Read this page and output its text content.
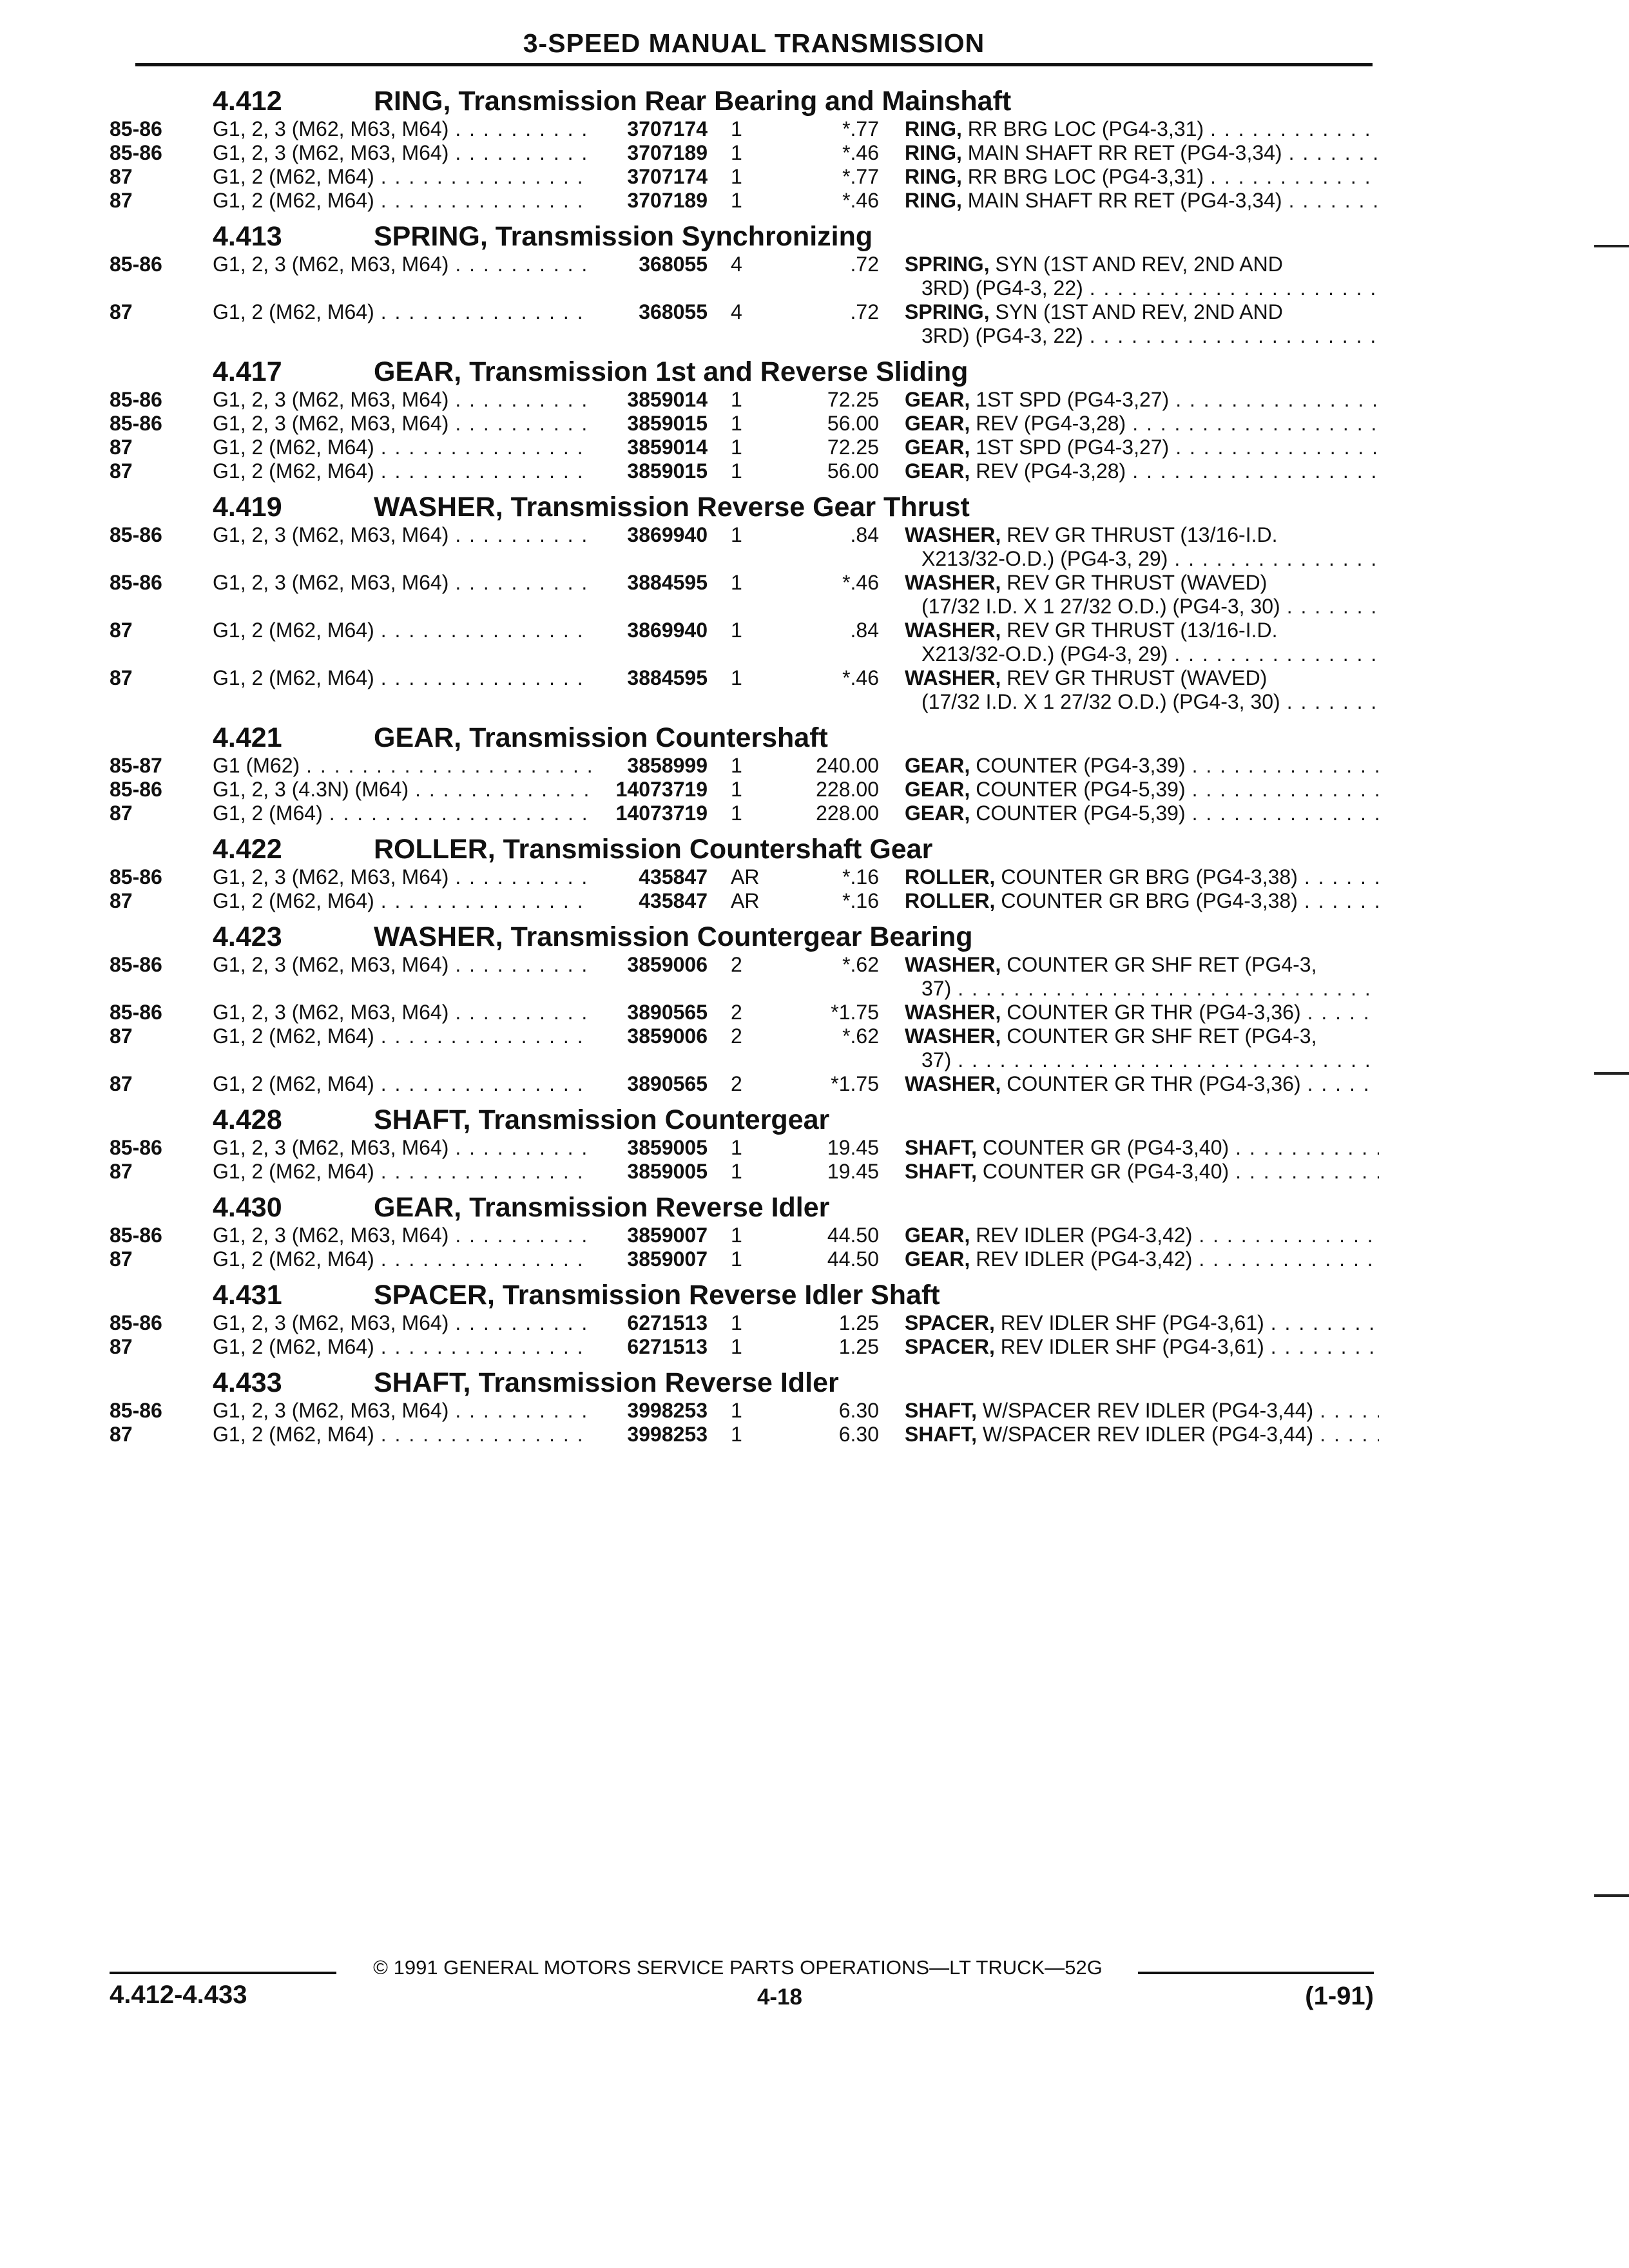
3-SPEED MANUAL TRANSMISSION
4.412	RING, Transmission Rear Bearing and Mainshaft
85-86	G1, 2, 3 (M62, M63, M64) . . .	3707174	1	*.77 RING, RR BRG LOC (PG4-3,31)
. . .
85-86	G1, 2, 3 (M62, M63, M64) . . .	3707189	1	*.46 RING, MAIN SHAFT RR RET (PG4-3,34)
. . .
87	G1, 2 (M62, M64) . . .	3707174	1	*.77 RING, RR BRG LOC (PG4-3,31)
. . .
87	G1, 2 (M62, M64) . . .	3707189	1	*.46 RING, MAIN SHAFT RR RET (PG4-3,34)
. . .
4.413	SPRING, Transmission Synchronizing
85-86	G1, 2, 3 (M62, M63, M64) . . .	368055	4	.72 SPRING, SYN (1ST AND REV, 2ND AND
3RD) (PG4-3, 22)
. . .
87	G1, 2 (M62, M64) . . .	368055	4	.72 SPRING, SYN (1ST AND REV, 2ND AND
3RD) (PG4-3, 22)
. . .
4.417	GEAR, Transmission 1st and Reverse Sliding
85-86	G1, 2, 3 (M62, M63, M64) . . .	3859014	1	72.25 GEAR, 1ST SPD (PG4-3,27)
. . .
85-86	G1, 2, 3 (M62, M63, M64) . . .	3859015	1	56.00 GEAR, REV (PG4-3,28)
. . .
87	G1, 2 (M62, M64) . . .	3859014	1	72.25 GEAR, 1ST SPD (PG4-3,27)
. . .
87	G1, 2 (M62, M64) . . .	3859015	1	56.00 GEAR, REV (PG4-3,28)
. . .
4.419	WASHER, Transmission Reverse Gear Thrust
85-86	G1, 2, 3 (M62, M63, M64) . . .	3869940	1	.84 WASHER, REV GR THRUST (13/16-I.D.
X213/32-O.D.) (PG4-3, 29)
. . .
85-86	G1, 2, 3 (M62, M63, M64) . . .	3884595	1	*.46 WASHER, REV GR THRUST (WAVED)
(17/32 I.D. X 1 27/32 O.D.) (PG4-3, 30)
. . .
87	G1, 2 (M62, M64) . . .	3869940	1	.84 WASHER, REV GR THRUST (13/16-I.D.
X213/32-O.D.) (PG4-3, 29)
. . .
87	G1, 2 (M62, M64) . . .	3884595	1	*.46 WASHER, REV GR THRUST (WAVED)
(17/32 I.D. X 1 27/32 O.D.) (PG4-3, 30)
. . .
4.421	GEAR, Transmission Countershaft
85-87	G1 (M62) . . .	3858999	1	240.00 GEAR, COUNTER (PG4-3,39)
. . .
85-86	G1, 2, 3 (4.3N) (M64) . . .	14073719	1	228.00 GEAR, COUNTER (PG4-5,39)
. . .
87	G1, 2 (M64) . . .	14073719	1	228.00 GEAR, COUNTER (PG4-5,39)
. . .
4.422	ROLLER, Transmission Countershaft Gear
85-86	G1, 2, 3 (M62, M63, M64) . . .	435847	AR	*.16 ROLLER, COUNTER GR BRG (PG4-3,38)
. . .
87	G1, 2 (M62, M64) . . .	435847	AR	*.16 ROLLER, COUNTER GR BRG (PG4-3,38)
. . .
4.423	WASHER, Transmission Countergear Bearing
85-86	G1, 2, 3 (M62, M63, M64) . . .	3859006	2	*.62 WASHER, COUNTER GR SHF RET (PG4-3,
37)
. . .
85-86	G1, 2, 3 (M62, M63, M64) . . .	3890565	2	*1.75 WASHER, COUNTER GR THR (PG4-3,36)
. . .
87	G1, 2 (M62, M64) . . .	3859006	2	*.62 WASHER, COUNTER GR SHF RET (PG4-3,
37)
. . .
87	G1, 2 (M62, M64) . . .	3890565	2	*1.75 WASHER, COUNTER GR THR (PG4-3,36)
. . .
4.428	SHAFT, Transmission Countergear
85-86	G1, 2, 3 (M62, M63, M64) . . .	3859005	1	19.45 SHAFT, COUNTER GR (PG4-3,40)
. . .
87	G1, 2 (M62, M64) . . .	3859005	1	19.45 SHAFT, COUNTER GR (PG4-3,40)
. . .
4.430	GEAR, Transmission Reverse Idler
85-86	G1, 2, 3 (M62, M63, M64) . . .	3859007	1	44.50 GEAR, REV IDLER (PG4-3,42)
. . .
87	G1, 2 (M62, M64) . . .	3859007	1	44.50 GEAR, REV IDLER (PG4-3,42)
. . .
4.431	SPACER, Transmission Reverse Idler Shaft
85-86	G1, 2, 3 (M62, M63, M64) . . .	6271513	1	1.25 SPACER, REV IDLER SHF (PG4-3,61)
. . .
87	G1, 2 (M62, M64) . . .	6271513	1	1.25 SPACER, REV IDLER SHF (PG4-3,61)
. . .
4.433	SHAFT, Transmission Reverse Idler
85-86	G1, 2, 3 (M62, M63, M64) . . .	3998253	1	6.30 SHAFT, W/SPACER REV IDLER (PG4-3,44)
. . .
87	G1, 2 (M62, M64) . . .	3998253	1	6.30 SHAFT, W/SPACER REV IDLER (PG4-3,44)
. . .
© 1991 GENERAL MOTORS SERVICE PARTS OPERATIONS—LT TRUCK—52G
4.412-4.433	4-18	(1-91)
